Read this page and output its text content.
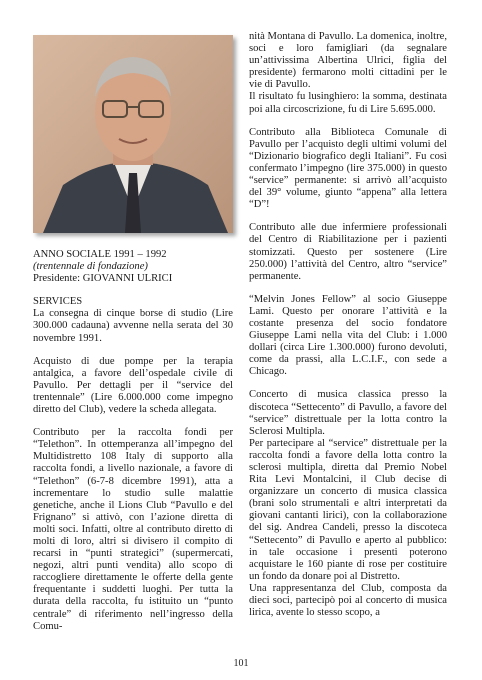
ANNO SOCIALE 1991 – 1992
(trentennale di fondazione)
Presidente: GIOVANNI ULRICI

SERVICES

La consegna di cinque borse di studio (Lire 300.000 cadauna) avvenne nella serata del 30 novembre 1991.

Acquisto di due pompe per la terapia antalgica, a favore dell’ospedale civile di Pavullo. Per dettagli per il “service del trentennale” (Lire 6.000.000 come impegno diretto del Club), vedere la scheda allegata.

Contributo per la raccolta fondi per “Telethon”. In ottemperanza all’impegno del Multidistretto 108 Italy di supporto alla raccolta fondi, a livello nazionale, a favore di “Telethon” (6-7-8 dicembre 1991), atta a incrementare lo studio sulle malattie genetiche, anche il Lions Club “Pavullo e del Frignano” si attivò, con l’azione diretta di molti soci. Infatti, oltre al contributo diretto di molti di loro, altri si divisero il compito di recarsi in “punti strategici” (supermercati, negozi, altri punti vendita) allo scopo di raccogliere direttamente le offerte della gente frequentante i suddetti luoghi. Per tutta la durata della raccolta, fu istituito un “punto centrale” di riferimento nell’ingresso della Comu-

nità Montana di Pavullo. La domenica, inoltre, soci e loro famigliari (da segnalare un’attivissima Albertina Ulrici, figlia del presidente) fermarono molti cittadini per le vie di Pavullo.

Il risultato fu lusinghiero: la somma, destinata poi alla circoscrizione, fu di Lire 5.695.000.

Contributo alla Biblioteca Comunale di Pavullo per l’acquisto degli ultimi volumi del “Dizionario biografico degli Italiani”. Fu così confermato l’impegno (lire 375.000) in questo “service” permanente: si arrivò all’acquisto del 39° volume, giunto “appena” alla lettera “D”!

Contributo alle due infermiere professionali del Centro di Riabilitazione per i pazienti stomizzati. Questo per sostenere (Lire 250.000) l’attività del Centro, altro “service” permanente.

“Melvin Jones Fellow” al socio Giuseppe Lami. Questo per onorare l’attività e la costante presenza del socio fondatore Giuseppe Lami nella vita del Club: i 1.000 dollari (circa Lire 1.300.000) furono devoluti, come da prassi, alla L.C.I.F., con sede a Chicago.

Concerto di musica classica presso la discoteca “Settecento” di Pavullo, a favore del “service” distrettuale per la lotta contro la Sclerosi Multipla.

Per partecipare al “service” distrettuale per la raccolta fondi a favore della lotta contro la sclerosi multipla, diretta dal Premio Nobel Rita Levi Montalcini, il Club decise di organizzare un concerto di musica classica (brani solo strumentali e altri interpretati da giovani cantanti lirici), con la collaborazione del sig. Andrea Candeli, presso la discoteca “Settecento” di Pavullo e aperto al pubblico: in tale occasione i presenti poterono acquistare le 160 piante di rose per costituire un fondo da donare poi al Distretto.

Una rappresentanza del Club, composta da dieci soci, partecipò poi al concerto di musica lirica, avente lo stesso scopo, a

101
